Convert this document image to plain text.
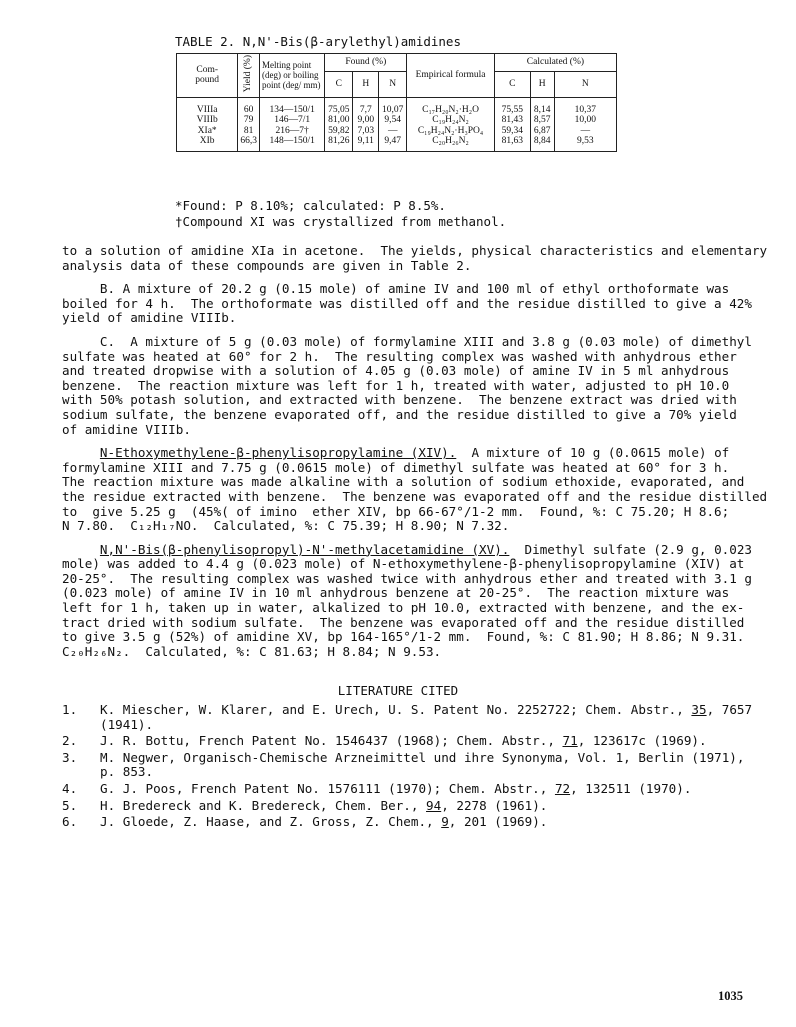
TABLE 2. N,N'-Bis(β-arylethyl)amidines
Com-
pound	Yield (%)	Melting point (deg) or boiling point (deg/ mm)	Found (%)			Empirical formula	Calculated (%)		
			C	H	N		C	H	N
VIIIa	60	134—150/1	75,05	7,7	10,07	C₁₇H₂₀N₂·H₂O	75,55	8,14	10,37
VIIIb	79	146—7/1	81,00	9,00	9,54	C₁₉H₂₄N₂	81,43	8,57	10,00
XIa*	81	216—7†	59,82	7,03	—	C₁₉H₂₄N₂·H₃PO₄	59,34	6,87	—
XIb	66,3	148—150/1	81,26	9,11	9,47	C₂₀H₂₆N₂	81,63	8,84	9,53
*Found: P 8.10%; calculated: P 8.5%.
†Compound XI was crystallized from methanol.

to a solution of amidine XIa in acetone.  The yields, physical characteristics and elementary
analysis data of these compounds are given in Table 2.

B. A mixture of 20.2 g (0.15 mole) of amine IV and 100 ml of ethyl orthoformate was
boiled for 4 h.  The orthoformate was distilled off and the residue distilled to give a 42%
yield of amidine VIIIb.

C.  A mixture of 5 g (0.03 mole) of formylamine XIII and 3.8 g (0.03 mole) of dimethyl
sulfate was heated at 60° for 2 h.  The resulting complex was washed with anhydrous ether
and treated dropwise with a solution of 4.05 g (0.03 mole) of amine IV in 5 ml anhydrous
benzene.  The reaction mixture was left for 1 h, treated with water, adjusted to pH 10.0
with 50% potash solution, and extracted with benzene.  The benzene extract was dried with
sodium sulfate, the benzene evaporated off, and the residue distilled to give a 70% yield
of amidine VIIIb.

N-Ethoxymethylene-β-phenylisopropylamine (XIV).  A mixture of 10 g (0.0615 mole) of
formylamine XIII and 7.75 g (0.0615 mole) of dimethyl sulfate was heated at 60° for 3 h.
The reaction mixture was made alkaline with a solution of sodium ethoxide, evaporated, and
the residue extracted with benzene.  The benzene was evaporated off and the residue distilled
to  give 5.25 g  (45%( of imino  ether XIV, bp 66-67°/1-2 mm.  Found, %: C 75.20; H 8.6;
N 7.80.  C₁₂H₁₇NO.  Calculated, %: C 75.39; H 8.90; N 7.32.

N,N'-Bis(β-phenylisopropyl)-N'-methylacetamidine (XV).  Dimethyl sulfate (2.9 g, 0.023
mole) was added to 4.4 g (0.023 mole) of N-ethoxymethylene-β-phenylisopropylamine (XIV) at
20-25°.  The resulting complex was washed twice with anhydrous ether and treated with 3.1 g
(0.023 mole) of amine IV in 10 ml anhydrous benzene at 20-25°.  The reaction mixture was
left for 1 h, taken up in water, alkalized to pH 10.0, extracted with benzene, and the ex-
tract dried with sodium sulfate.  The benzene was evaporated off and the residue distilled
to give 3.5 g (52%) of amidine XV, bp 164-165°/1-2 mm.  Found, %: C 81.90; H 8.86; N 9.31.
C₂₀H₂₆N₂.  Calculated, %: C 81.63; H 8.84; N 9.53.

LITERATURE CITED
1.	K. Miescher, W. Klarer, and E. Urech, U. S. Patent No. 2252722; Chem. Abstr., 35, 7657
(1941).
2.	J. R. Bottu, French Patent No. 1546437 (1968); Chem. Abstr., 71, 123617c (1969).
3.	M. Negwer, Organisch-Chemische Arzneimittel und ihre Synonyma, Vol. 1, Berlin (1971),
p. 853.
4.	G. J. Poos, French Patent No. 1576111 (1970); Chem. Abstr., 72, 132511 (1970).
5.	H. Bredereck and K. Bredereck, Chem. Ber., 94, 2278 (1961).
6.	J. Gloede, Z. Haase, and Z. Gross, Z. Chem., 9, 201 (1969).
1035
